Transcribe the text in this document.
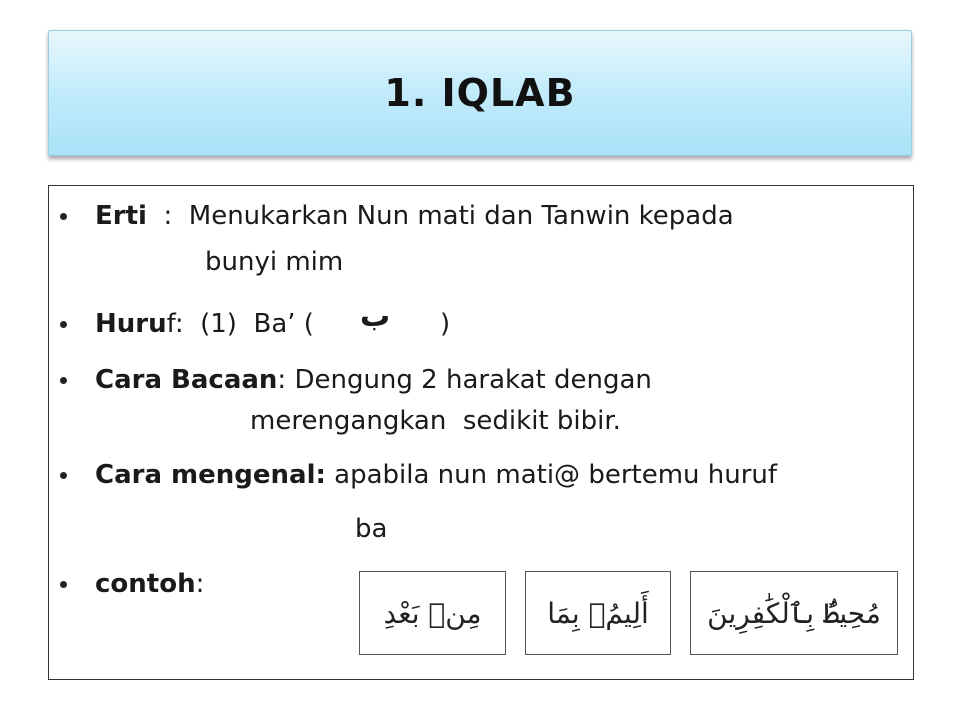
1. IQLAB
Erti  :  Menukarkan Nun mati dan Tanwin kepada
bunyi mim
Huruf:  (1)  Ba’ ( ب )
Cara Bacaan: Dengung 2 harakat dengan
merengangkan  sedikit bibir.
Cara mengenal: apabila nun mati@ bertemu huruf
ba
contoh:
مِنۢ بَعْدِ	أَلِيمُۢ بِمَا	مُحِيطٌۢ بِٱلْكَٰفِرِينَ
